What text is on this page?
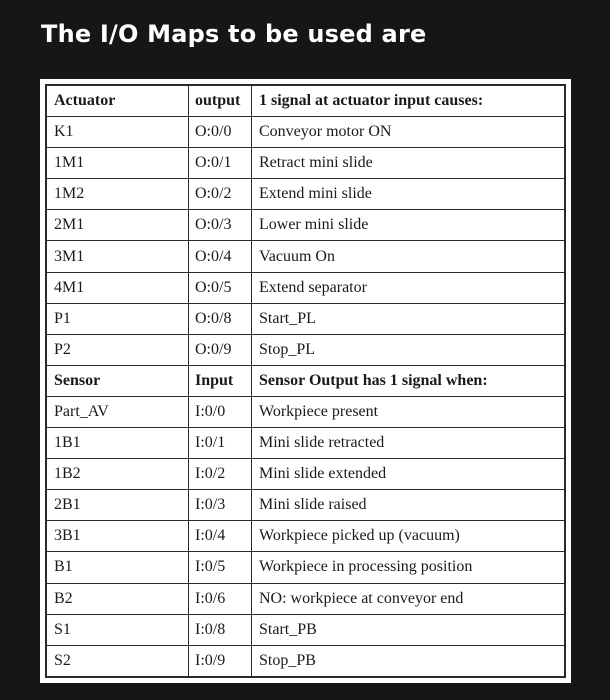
The I/O Maps to be used are
Actuator	output	1 signal at actuator input causes:
K1	O:0/0	Conveyor motor ON
1M1	O:0/1	Retract mini slide
1M2	O:0/2	Extend mini slide
2M1	O:0/3	Lower mini slide
3M1	O:0/4	Vacuum On
4M1	O:0/5	Extend separator
P1	O:0/8	Start_PL
P2	O:0/9	Stop_PL
Sensor	Input	Sensor Output has 1 signal when:
Part_AV	I:0/0	Workpiece present
1B1	I:0/1	Mini slide retracted
1B2	I:0/2	Mini slide extended
2B1	I:0/3	Mini slide raised
3B1	I:0/4	Workpiece picked up (vacuum)
B1	I:0/5	Workpiece in processing position
B2	I:0/6	NO: workpiece at conveyor end
S1	I:0/8	Start_PB
S2	I:0/9	Stop_PB
